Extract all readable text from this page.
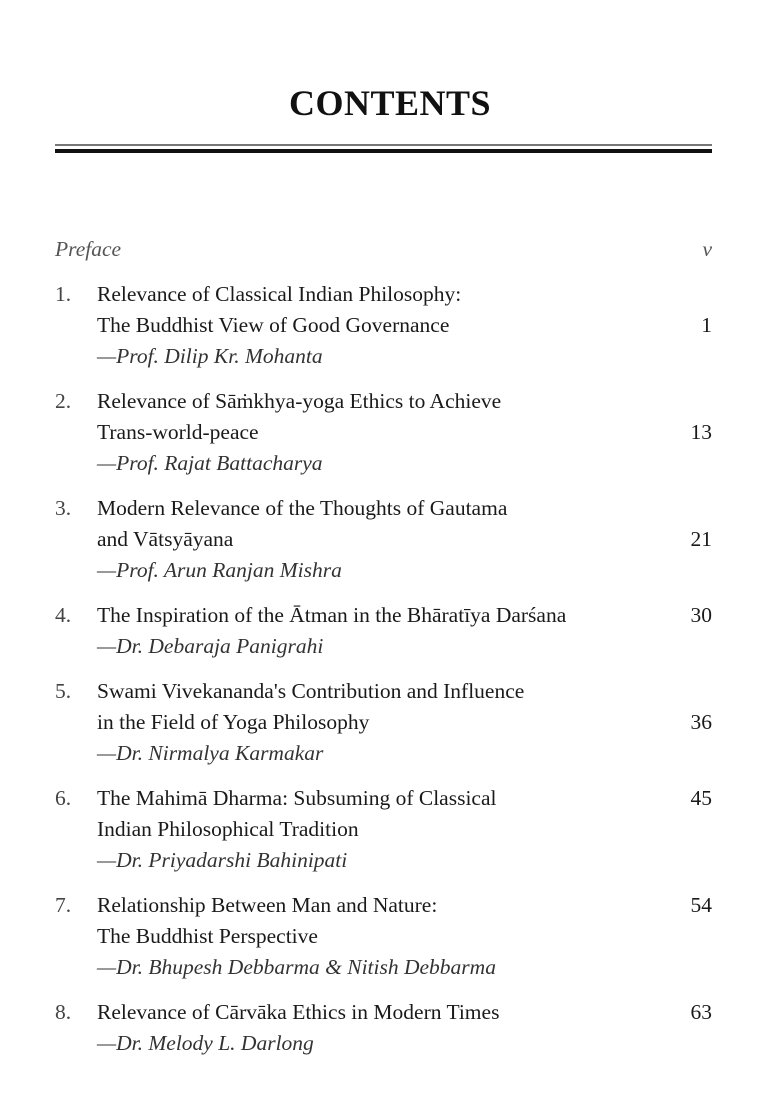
CONTENTS
Preface	v
1.	Relevance of Classical Indian Philosophy:
The Buddhist View of Good Governance	1
—Prof. Dilip Kr. Mohanta
2.	Relevance of Sāṁkhya-yoga Ethics to Achieve
Trans-world-peace	13
—Prof. Rajat Battacharya
3.	Modern Relevance of the Thoughts of Gautama
and Vātsyāyana	21
—Prof. Arun Ranjan Mishra
4.	The Inspiration of the Ātman in the Bhāratīya Darśana	30
—Dr. Debaraja Panigrahi
5.	Swami Vivekananda's Contribution and Influence
in the Field of Yoga Philosophy	36
—Dr. Nirmalya Karmakar
6.	The Mahimā Dharma: Subsuming of Classical	45
Indian Philosophical Tradition
—Dr. Priyadarshi Bahinipati
7.	Relationship Between Man and Nature:	54
The Buddhist Perspective
—Dr. Bhupesh Debbarma & Nitish Debbarma
8.	Relevance of Cārvāka Ethics in Modern Times	63
—Dr. Melody L. Darlong
